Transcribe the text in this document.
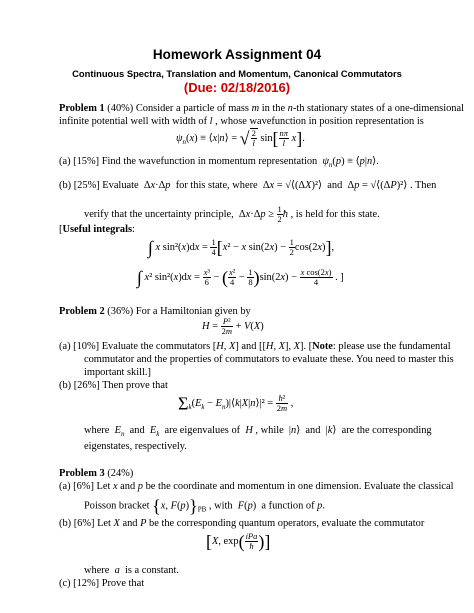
Homework Assignment 04
Continuous Spectra, Translation and Momentum, Canonical Commutators
(Due: 02/18/2016)
Problem 1 (40%) Consider a particle of mass m in the n-th stationary states of a one-dimensional
infinite potential well with width of l , whose wavefunction in position representation is
$\psi_n(x)$ ≡ ⟨x|n⟩ = √ $\frac{2}{l} \sin[ \frac{n\pi}{l} x]$.
(a) [15%] Find the wavefunction in momentum representation  $\psi_n(p)$ ≡ ⟨p|n⟩.
(b) [25%] Evaluate  Δx·Δp  for this state, where  Δx = √⟨(ΔX)²⟩  and  Δp = √⟨(ΔP)²⟩ . Then
verify that the uncertainty principle,  $\Delta x\cdot\Delta p \ge \frac{1}{2}$ ħ , is held for this state.
[Useful integrals:
∫ x $\sin^2(x)dx = \frac{1}{4} [x^2 - x$ $\sin(2x) - \frac{1}{2} \cos(2x)$],
∫ x² $\sin^2(x)dx = \frac{\text{x³}}{6}$ − ( $\frac{\text{x²}}{4} - \frac{1}{8} )\sin(2x) - \frac{\text{x cos(2x)}}{4}$ . ]
Problem 2 (36%) For a Hamiltonian given by
$H = \frac{\text{P²}}{2m} + V(X)$
(a) [10%] Evaluate the commutators [H, X] and [[H, X], X]. [Note: please use the fundamental
commutator and the properties of commutators to evaluate these. You need to master this
important skill.]
(b) [26%] Then prove that
$\Sigma_k(E_k$ − $E_n)|⟨k|X|n⟩|^2 = \frac{\text{ħ²}}{2m}$ ,
where  $E_n$  and  $E_k$  are eigenvalues of  H , while  |n⟩  and  |k⟩  are the corresponding
eigenstates, respectively.
Problem 3 (24%)
(a) [6%] Let x and p be the coordinate and momentum in one dimension. Evaluate the classical
Poisson bracket {x, $F(p)\}_{PB}$ , with  F(p)  a function of p.
(b) [6%] Let X and P be the corresponding quantum operators, evaluate the commutator
[X, $\exp( \frac{\text{iPa}}{ħ}$ )]
where  a  is a constant.
(c) [12%] Prove that
